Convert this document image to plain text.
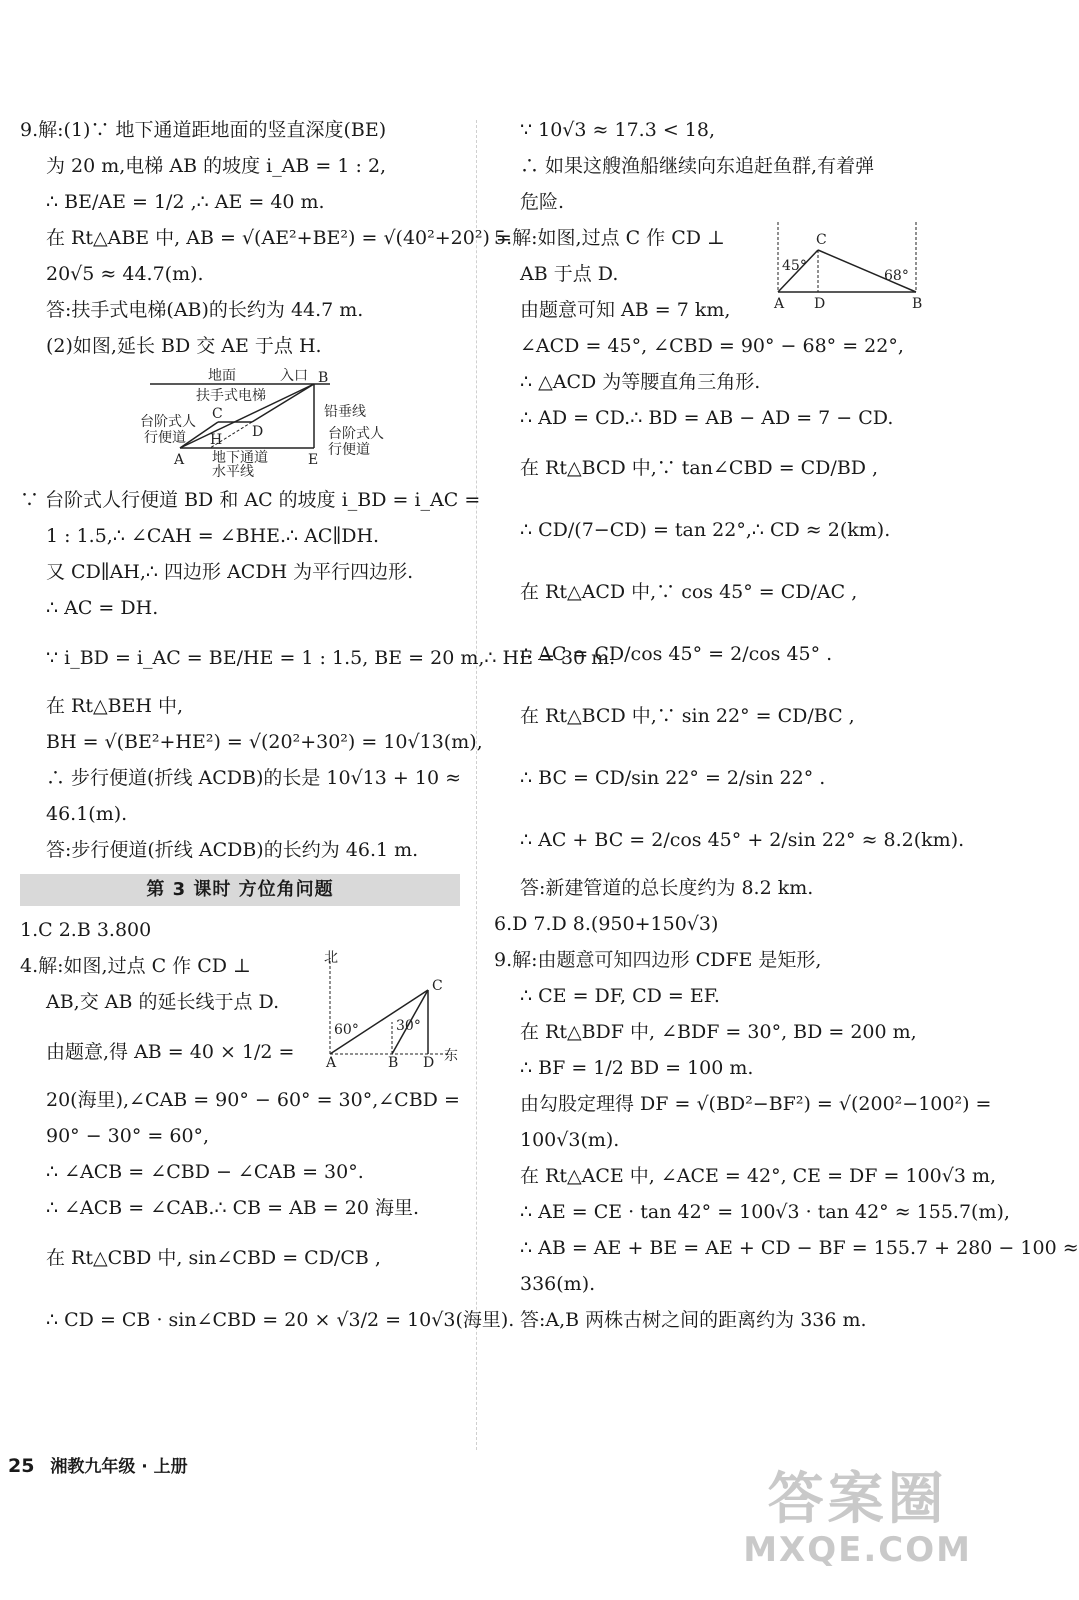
9.解:(1)∵ 地下通道距地面的竖直深度(BE)
为 20 m,电梯 AB 的坡度 i_AB = 1 : 2,
∴ BE/AE = 1/2 ,∴ AE = 40 m.
在 Rt△ABE 中, AB = √(AE²+BE²) = √(40²+20²) =
20√5 ≈ 44.7(m).
答:扶手式电梯(AB)的长约为 44.7 m.
(2)如图,延长 BD 交 AE 于点 H.
地面	入口 B
扶手式电梯
铅垂线
C
D
H
台阶式人
行便道	台阶式人
行便道
A	E
地下通道
水平线
∵ 台阶式人行便道 BD 和 AC 的坡度 i_BD = i_AC =
1 : 1.5,∴ ∠CAH = ∠BHE.∴ AC∥DH.
又 CD∥AH,∴ 四边形 ACDH 为平行四边形.
∴ AC = DH.
∵ i_BD = i_AC = BE/HE = 1 : 1.5, BE = 20 m,∴ HE = 30 m.
在 Rt△BEH 中,
BH = √(BE²+HE²) = √(20²+30²) = 10√13(m),
∴ 步行便道(折线 ACDB)的长是 10√13 + 10 ≈
46.1(m).
答:步行便道(折线 ACDB)的长约为 46.1 m.
第 3 课时 方位角问题
1.C 2.B 3.800
北
东
60°	30°
A	B D
C
4.解:如图,过点 C 作 CD ⊥
AB,交 AB 的延长线于点 D.
由题意,得 AB = 40 × 1/2 =
20(海里),∠CAB = 90° − 60° = 30°,∠CBD =
90° − 30° = 60°,
∴ ∠ACB = ∠CBD − ∠CAB = 30°.
∴ ∠ACB = ∠CAB.∴ CB = AB = 20 海里.
在 Rt△CBD 中, sin∠CBD = CD/CB ,
∴ CD = CB · sin∠CBD = 20 × √3/2 = 10√3(海里).
∵ 10√3 ≈ 17.3 < 18,
∴ 如果这艘渔船继续向东追赶鱼群,有着弹
危险.
45°
68°
C
A D	B
5.解:如图,过点 C 作 CD ⊥
AB 于点 D.
由题意可知 AB = 7 km,
∠ACD = 45°, ∠CBD = 90° − 68° = 22°,
∴ △ACD 为等腰直角三角形.
∴ AD = CD.∴ BD = AB − AD = 7 − CD.
在 Rt△BCD 中,∵ tan∠CBD = CD/BD ,
∴ CD/(7−CD) = tan 22°,∴ CD ≈ 2(km).
在 Rt△ACD 中,∵ cos 45° = CD/AC ,
∴ AC = CD/cos 45° = 2/cos 45° .
在 Rt△BCD 中,∵ sin 22° = CD/BC ,
∴ BC = CD/sin 22° = 2/sin 22° .
∴ AC + BC = 2/cos 45° + 2/sin 22° ≈ 8.2(km).
答:新建管道的总长度约为 8.2 km.
6.D 7.D 8.(950+150√3)
9.解:由题意可知四边形 CDFE 是矩形,
∴ CE = DF, CD = EF.
在 Rt△BDF 中, ∠BDF = 30°, BD = 200 m,
∴ BF = 1/2 BD = 100 m.
由勾股定理得 DF = √(BD²−BF²) = √(200²−100²) =
100√3(m).
在 Rt△ACE 中, ∠ACE = 42°, CE = DF = 100√3 m,
∴ AE = CE · tan 42° = 100√3 · tan 42° ≈ 155.7(m),
∴ AB = AE + BE = AE + CD − BF = 155.7 + 280 − 100 ≈
336(m).
答:A,B 两株古树之间的距离约为 336 m.
25 湘教九年级 · 上册	答案圈
MXQE.COM
